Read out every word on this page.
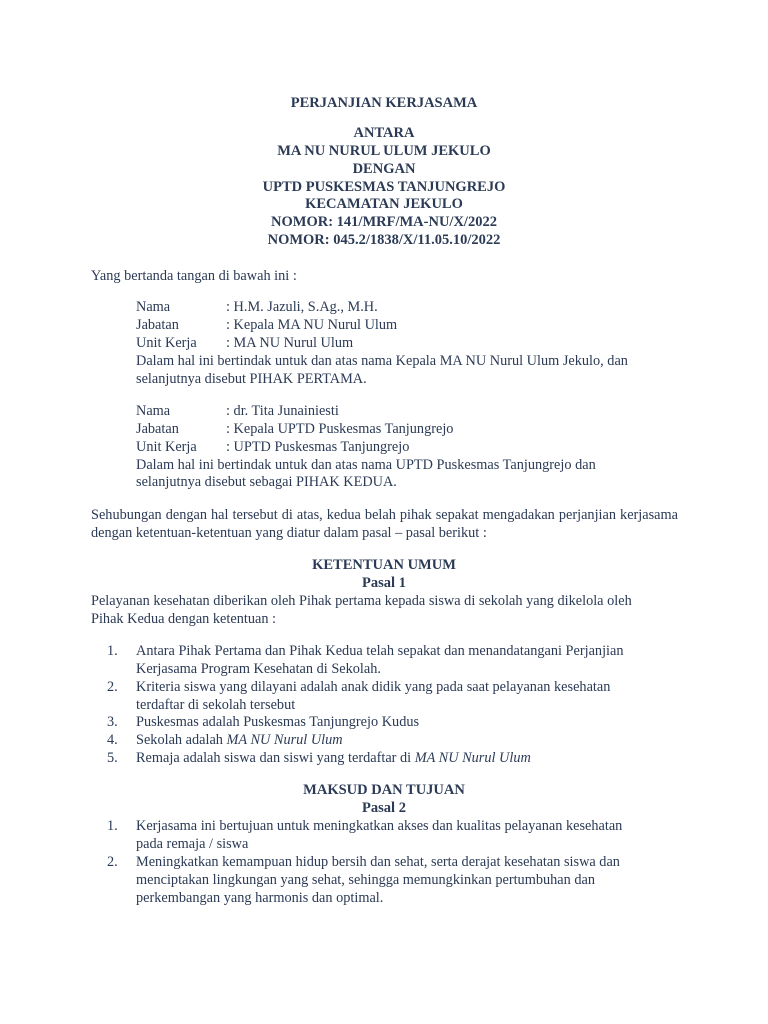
PERJANJIAN KERJASAMA
ANTARA
MA NU NURUL ULUM JEKULO
DENGAN
UPTD PUSKESMAS TANJUNGREJO
KECAMATAN JEKULO
NOMOR: 141/MRF/MA-NU/X/2022
NOMOR: 045.2/1838/X/11.05.10/2022
Yang bertanda tangan di bawah ini :
Nama	: H.M. Jazuli, S.Ag., M.H.
Jabatan	: Kepala MA NU Nurul Ulum
Unit Kerja : MA NU Nurul Ulum
Dalam hal ini bertindak untuk dan atas nama Kepala MA NU Nurul Ulum Jekulo, dan
selanjutnya disebut PIHAK PERTAMA.
Nama	: dr. Tita Junainiesti
Jabatan	: Kepala UPTD Puskesmas Tanjungrejo
Unit Kerja : UPTD Puskesmas Tanjungrejo
Dalam hal ini bertindak untuk dan atas nama UPTD Puskesmas Tanjungrejo dan
selanjutnya disebut sebagai PIHAK KEDUA.
Sehubungan dengan hal tersebut di atas, kedua belah pihak sepakat mengadakan perjanjian kerjasama dengan ketentuan-ketentuan yang diatur dalam pasal – pasal berikut :
KETENTUAN UMUM
Pasal 1
Pelayanan kesehatan diberikan oleh Pihak pertama kepada siswa di sekolah yang dikelola oleh
Pihak Kedua dengan ketentuan :
1. Antara Pihak Pertama dan Pihak Kedua telah sepakat dan menandatangani Perjanjian
Kerjasama Program Kesehatan di Sekolah.
2. Kriteria siswa yang dilayani adalah anak didik yang pada saat pelayanan kesehatan
terdaftar di sekolah tersebut
3. Puskesmas adalah Puskesmas Tanjungrejo Kudus
4. Sekolah adalah MA NU Nurul Ulum
5. Remaja adalah siswa dan siswi yang terdaftar di MA NU Nurul Ulum
MAKSUD DAN TUJUAN
Pasal 2
1. Kerjasama ini bertujuan untuk meningkatkan akses dan kualitas pelayanan kesehatan
pada remaja / siswa
2. Meningkatkan kemampuan hidup bersih dan sehat, serta derajat kesehatan siswa dan
menciptakan lingkungan yang sehat, sehingga memungkinkan pertumbuhan dan
perkembangan yang harmonis dan optimal.
